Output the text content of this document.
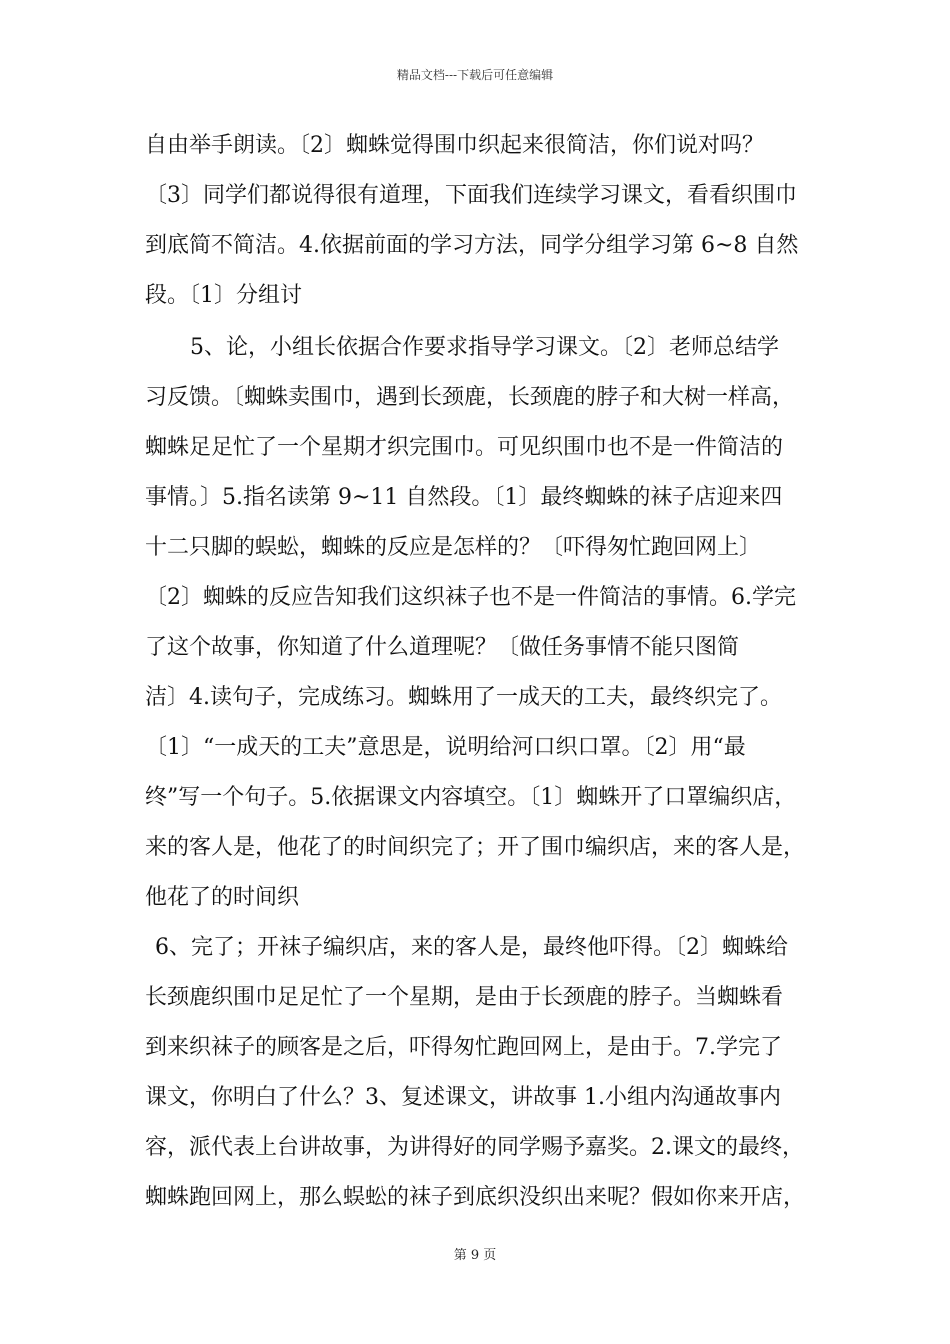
精品文档---下载后可任意编辑
自由举手朗读。〔2〕蜘蛛觉得围巾织起来很简洁，你们说对吗？
〔3〕同学们都说得很有道理，下面我们连续学习课文，看看织围巾
到底简不简洁。4.依据前面的学习方法，同学分组学习第 6~8 自然
段。〔1〕分组讨
5、论，小组长依据合作要求指导学习课文。〔2〕老师总结学
习反馈。〔蜘蛛卖围巾，遇到长颈鹿，长颈鹿的脖子和大树一样高，
蜘蛛足足忙了一个星期才织完围巾。可见织围巾也不是一件简洁的
事情。〕5.指名读第 9~11 自然段。〔1〕最终蜘蛛的袜子店迎来四
十二只脚的蜈蚣，蜘蛛的反应是怎样的？〔吓得匆忙跑回网上〕
〔2〕蜘蛛的反应告知我们这织袜子也不是一件简洁的事情。6.学完
了这个故事，你知道了什么道理呢？〔做任务事情不能只图简
洁〕4.读句子，完成练习。蜘蛛用了一成天的工夫，最终织完了。
〔1〕“一成天的工夫”意思是，说明给河口织口罩。〔2〕用“最
终”写一个句子。5.依据课文内容填空。〔1〕蜘蛛开了口罩编织店，
来的客人是，他花了的时间织完了；开了围巾编织店，来的客人是，
他花了的时间织
6、完了；开袜子编织店，来的客人是，最终他吓得。〔2〕蜘蛛给
长颈鹿织围巾足足忙了一个星期，是由于长颈鹿的脖子。当蜘蛛看
到来织袜子的顾客是之后，吓得匆忙跑回网上，是由于。7.学完了
课文，你明白了什么？3、复述课文，讲故事 1.小组内沟通故事内
容，派代表上台讲故事，为讲得好的同学赐予嘉奖。2.课文的最终，
蜘蛛跑回网上，那么蜈蚣的袜子到底织没织出来呢？假如你来开店，
第 9 页
